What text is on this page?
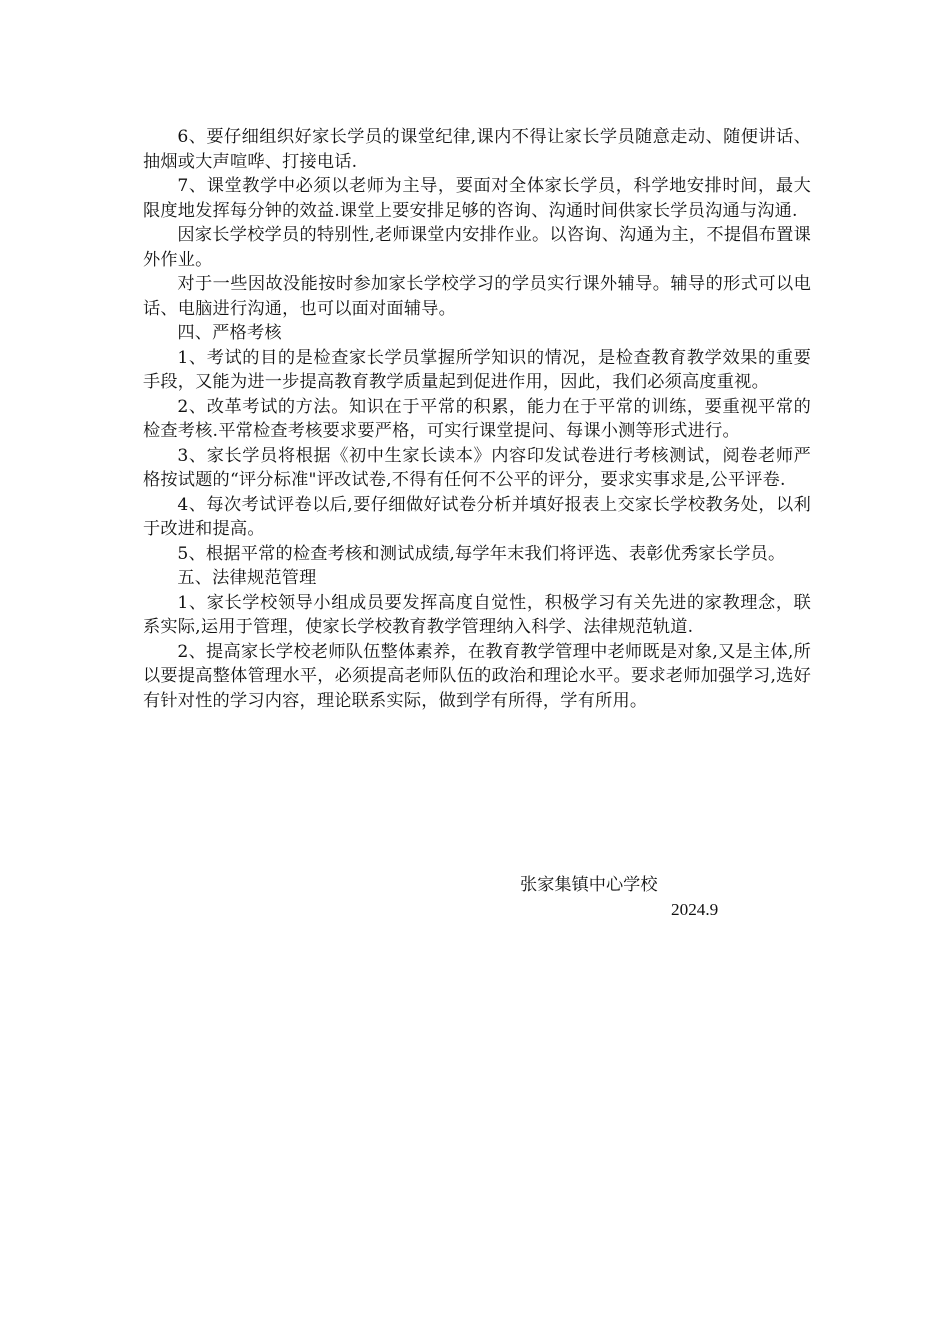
6、要仔细组织好家长学员的课堂纪律,课内不得让家长学员随意走动、随便讲话、抽烟或大声喧哗、打接电话.

7、课堂教学中必须以老师为主导，要面对全体家长学员，科学地安排时间，最大限度地发挥每分钟的效益.课堂上要安排足够的咨询、沟通时间供家长学员沟通与沟通.

因家长学校学员的特别性,老师课堂内安排作业。以咨询、沟通为主，不提倡布置课外作业。

对于一些因故没能按时参加家长学校学习的学员实行课外辅导。辅导的形式可以电话、电脑进行沟通，也可以面对面辅导。

四、严格考核

1、考试的目的是检查家长学员掌握所学知识的情况，是检查教育教学效果的重要手段，又能为进一步提高教育教学质量起到促进作用，因此，我们必须高度重视。

2、改革考试的方法。知识在于平常的积累，能力在于平常的训练，要重视平常的检查考核.平常检查考核要求要严格，可实行课堂提问、每课小测等形式进行。

3、家长学员将根据《初中生家长读本》内容印发试卷进行考核测试，阅卷老师严格按试题的“评分标准"评改试卷,不得有任何不公平的评分，要求实事求是,公平评卷.

4、每次考试评卷以后,要仔细做好试卷分析并填好报表上交家长学校教务处，以利于改进和提高。

5、根据平常的检查考核和测试成绩,每学年末我们将评选、表彰优秀家长学员。

五、法律规范管理

1、家长学校领导小组成员要发挥高度自觉性，积极学习有关先进的家教理念，联系实际,运用于管理，使家长学校教育教学管理纳入科学、法律规范轨道.

2、提高家长学校老师队伍整体素养，在教育教学管理中老师既是对象,又是主体,所以要提高整体管理水平，必须提高老师队伍的政治和理论水平。要求老师加强学习,选好有针对性的学习内容，理论联系实际，做到学有所得，学有所用。

张家集镇中心学校
2024.9
